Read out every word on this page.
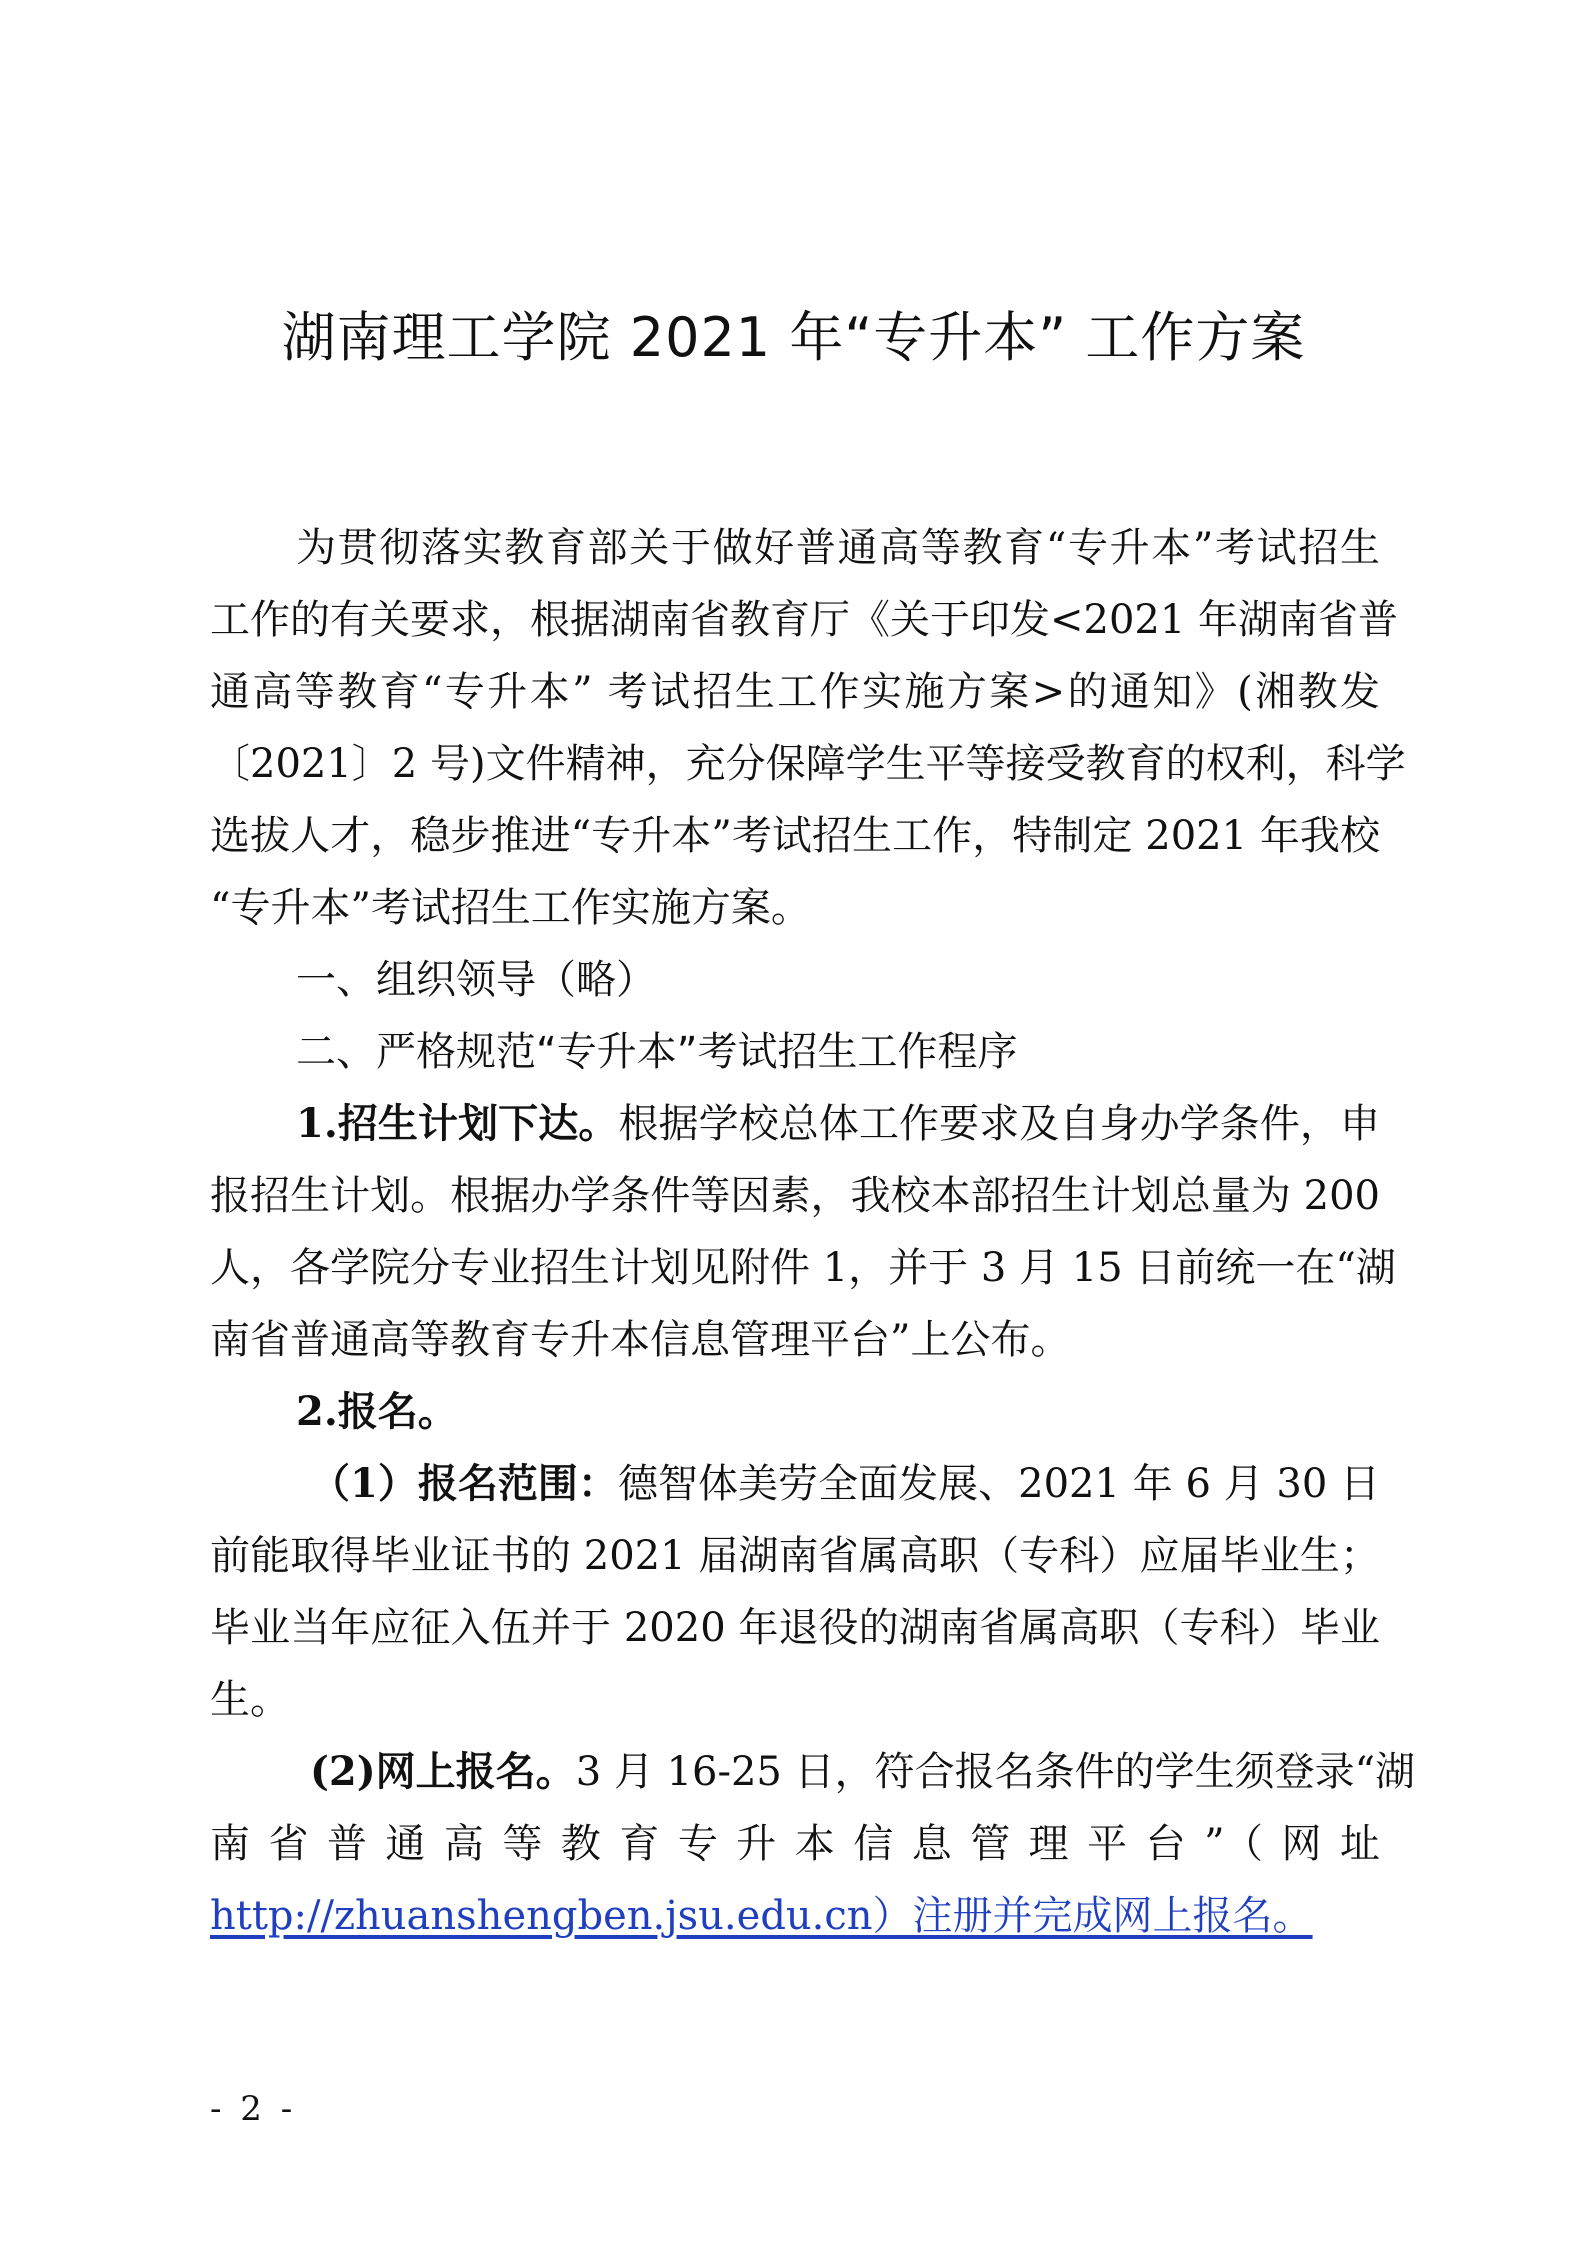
湖南理工学院 2021 年“专升本” 工作方案
为贯彻落实教育部关于做好普通高等教育“专升本”考试招生
工作的有关要求，根据湖南省教育厅《关于印发<2021 年湖南省普
通高等教育“专升本” 考试招生工作实施方案>的通知》(湘教发
〔2021〕2 号)文件精神，充分保障学生平等接受教育的权利，科学
选拔人才，稳步推进“专升本”考试招生工作，特制定 2021 年我校
“专升本”考试招生工作实施方案。
一、组织领导（略）
二、严格规范“专升本”考试招生工作程序
1.招生计划下达。根据学校总体工作要求及自身办学条件，申
报招生计划。根据办学条件等因素，我校本部招生计划总量为 200
人，各学院分专业招生计划见附件 1，并于 3 月 15 日前统一在“湖
南省普通高等教育专升本信息管理平台”上公布。
2.报名。
（1）报名范围：德智体美劳全面发展、2021 年 6 月 30 日
前能取得毕业证书的 2021 届湖南省属高职（专科）应届毕业生；
毕业当年应征入伍并于 2020 年退役的湖南省属高职（专科）毕业
生。
(2)网上报名。3 月 16-25 日，符合报名条件的学生须登录“湖
南省普通高等教育专升本信息管理平台”（网址
http://zhuanshengben.jsu.edu.cn）注册并完成网上报名。
- 2 -
